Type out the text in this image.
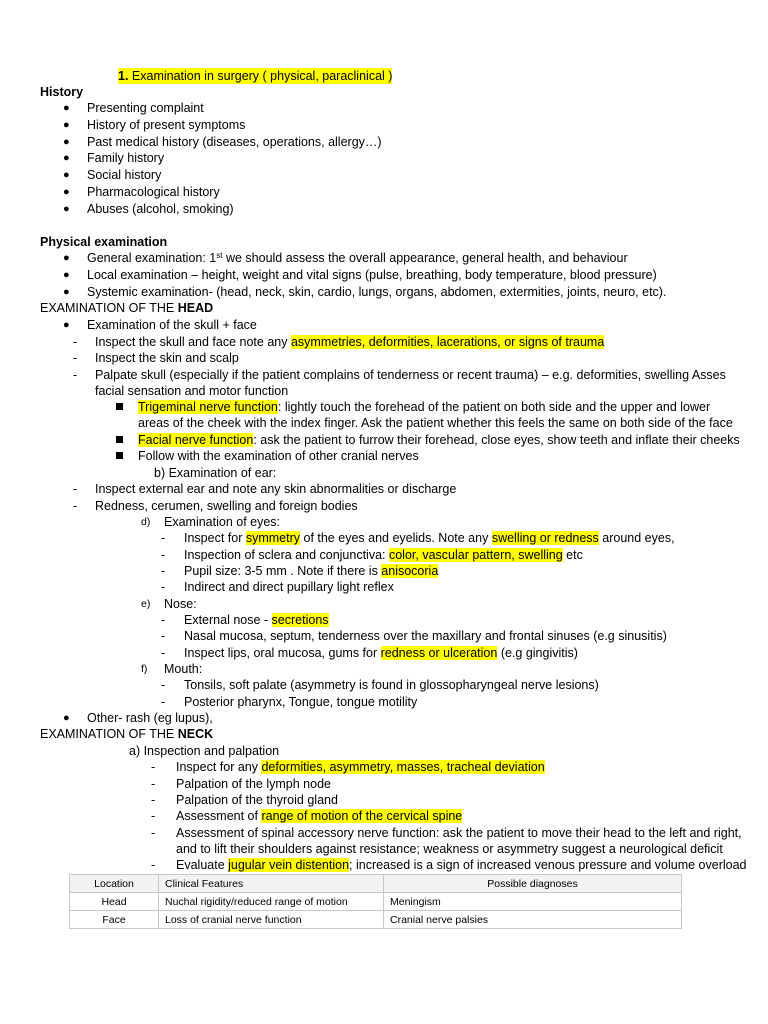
1. Examination in surgery ( physical, paraclinical )
History
● Presenting complaint
● History of present symptoms
● Past medical history (diseases, operations, allergy…)
● Family history
● Social history
● Pharmacological history
● Abuses (alcohol, smoking)
Physical examination
● General examination: 1st we should assess the overall appearance, general health, and behaviour
● Local examination – height, weight and vital signs (pulse, breathing, body temperature, blood pressure)
● Systemic examination- (head, neck, skin, cardio, lungs, organs, abdomen, extermities, joints, neuro, etc).
EXAMINATION OF THE HEAD
● Examination of the skull + face
- Inspect the skull and face note any asymmetries, deformities, lacerations, or signs of trauma
- Inspect the skin and scalp
- Palpate skull (especially if the patient complains of tenderness or recent trauma) – e.g. deformities, swelling Asses
facial sensation and motor function
Trigeminal nerve function: lightly touch the forehead of the patient on both side and the upper and lower
areas of the cheek with the index finger. Ask the patient whether this feels the same on both side of the face
Facial nerve function: ask the patient to furrow their forehead, close eyes, show teeth and inflate their cheeks
Follow with the examination of other cranial nerves
b) Examination of ear:
- Inspect external ear and note any skin abnormalities or discharge
- Redness, cerumen, swelling and foreign bodies
d) Examination of eyes:
- Inspect for symmetry of the eyes and eyelids. Note any swelling or redness around eyes,
- Inspection of sclera and conjunctiva: color, vascular pattern, swelling etc
- Pupil size: 3-5 mm . Note if there is anisocoria
- Indirect and direct pupillary light reflex
e) Nose:
- External nose - secretions
- Nasal mucosa, septum, tenderness over the maxillary and frontal sinuses (e.g sinusitis)
- Inspect lips, oral mucosa, gums for redness or ulceration (e.g gingivitis)
f) Mouth:
- Tonsils, soft palate (asymmetry is found in glossopharyngeal nerve lesions)
- Posterior pharynx, Tongue, tongue motility
● Other- rash (eg lupus),
EXAMINATION OF THE NECK
a) Inspection and palpation
- Inspect for any deformities, asymmetry, masses, tracheal deviation
- Palpation of the lymph node
- Palpation of the thyroid gland
- Assessment of range of motion of the cervical spine
- Assessment of spinal accessory nerve function: ask the patient to move their head to the left and right,
and to lift their shoulders against resistance; weakness or asymmetry suggest a neurological deficit
- Evaluate jugular vein distention; increased is a sign of increased venous pressure and volume overload
Location	Clinical Features	Possible diagnoses
Head	Nuchal rigidity/reduced range of motion	Meningism
Face	Loss of cranial nerve function	Cranial nerve palsies
